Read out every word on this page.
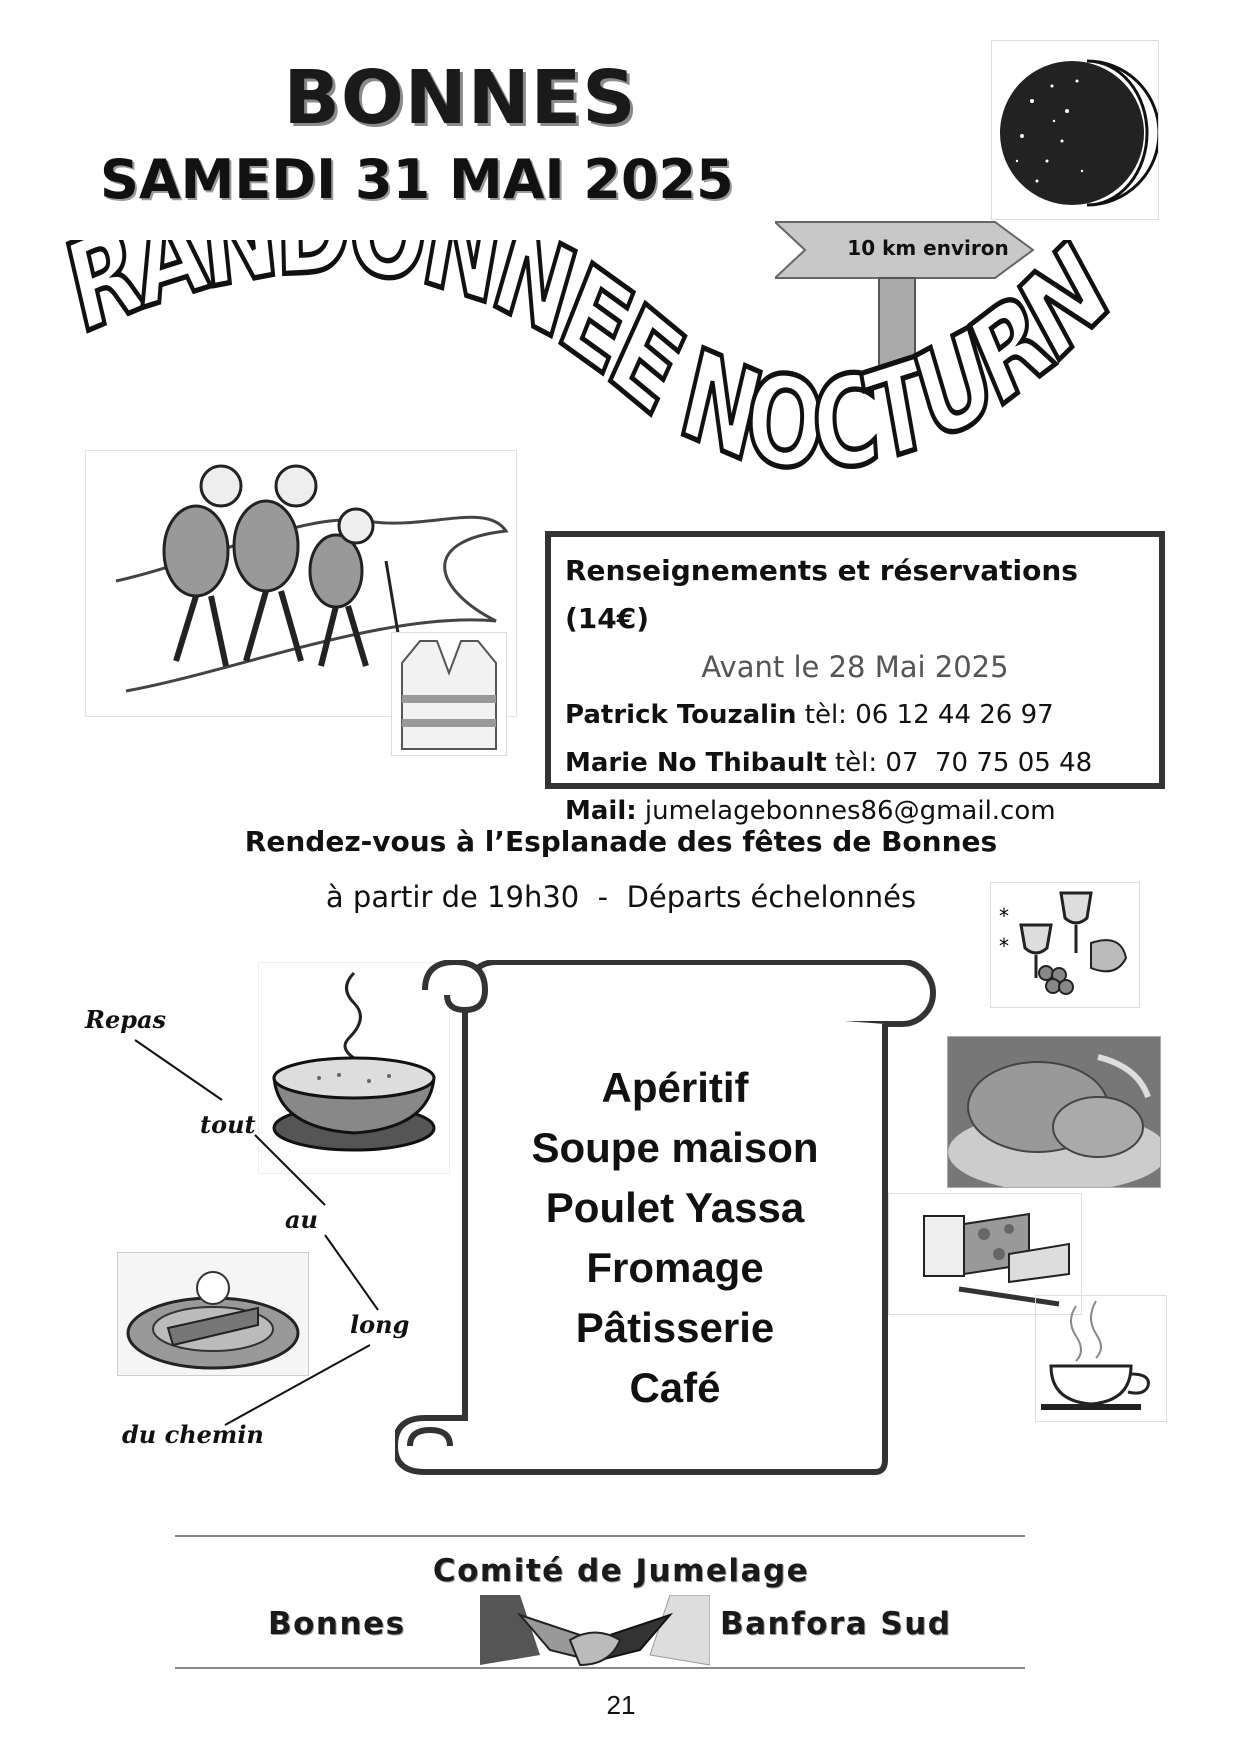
BONNES
SAMEDI 31 MAI 2025
10 km environ
RA NNEE NOCTURN
Renseignements et réservations (14€)
Avant le 28 Mai 2025
Patrick Touzalin tèl: 06 12 44 26 97
Marie No Thibault tèl: 07  70 75 05 48
Mail: jumelagebonnes86@gmail.com
Rendez-vous à l’Esplanade des fêtes de Bonnes
à partir de 19h30  -  Départs échelonnés
*
*
Repas
tout
au
long
du chemin
Apéritif
Soupe maison
Poulet Yassa
Fromage
Pâtisserie
Café
Comité de Jumelage
Bonnes	Banfora Sud
21
